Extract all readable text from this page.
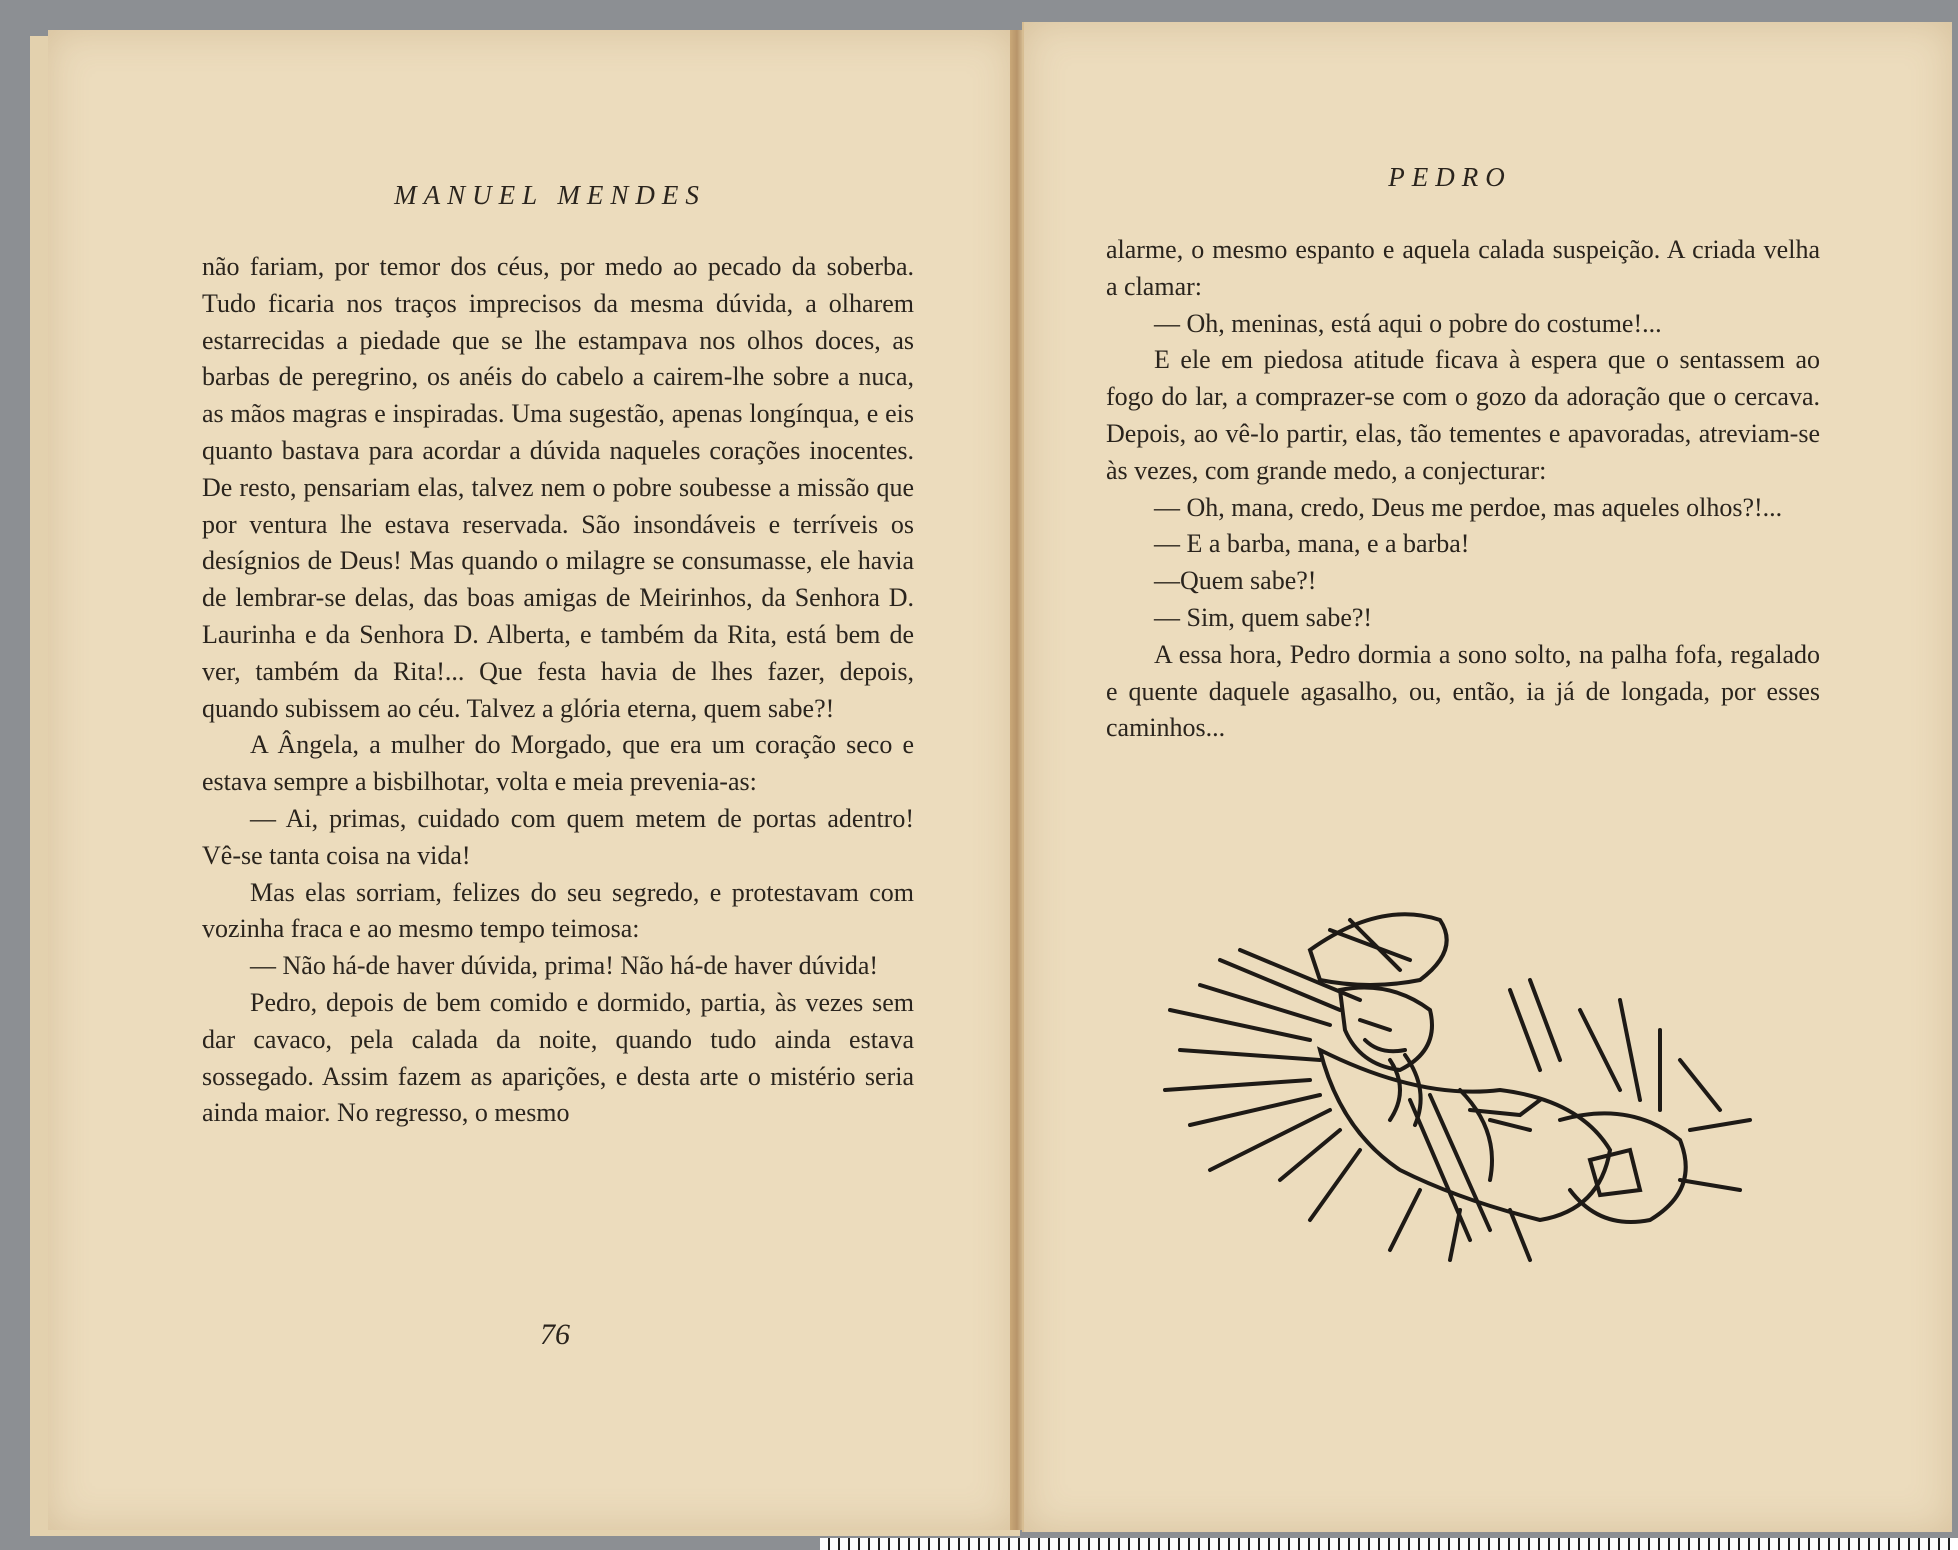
MANUEL MENDES
PEDRO

não fariam, por temor dos céus, por medo ao pecado da soberba. Tudo ficaria nos traços imprecisos da mesma dúvida, a olharem estarrecidas a piedade que se lhe estampava nos olhos doces, as barbas de peregrino, os anéis do cabelo a cairem-lhe sobre a nuca, as mãos magras e inspiradas. Uma sugestão, apenas longínqua, e eis quanto bastava para acordar a dúvida naqueles corações inocentes. De resto, pensariam elas, talvez nem o pobre soubesse a missão que por ventura lhe estava reservada. São insondáveis e terríveis os desígnios de Deus! Mas quando o milagre se consumasse, ele havia de lembrar-se delas, das boas amigas de Meirinhos, da Senhora D. Laurinha e da Senhora D. Alberta, e também da Rita, está bem de ver, também da Rita!... Que festa havia de lhes fazer, depois, quando subissem ao céu. Talvez a glória eterna, quem sabe?!

A Ângela, a mulher do Morgado, que era um coração seco e estava sempre a bisbilhotar, volta e meia prevenia-as:

— Ai, primas, cuidado com quem metem de portas adentro! Vê-se tanta coisa na vida!

Mas elas sorriam, felizes do seu segredo, e protestavam com vozinha fraca e ao mesmo tempo teimosa:

— Não há-de haver dúvida, prima! Não há-de haver dúvida!

Pedro, depois de bem comido e dormido, partia, às vezes sem dar cavaco, pela calada da noite, quando tudo ainda estava sossegado. Assim fazem as aparições, e desta arte o mistério seria ainda maior. No regresso, o mesmo

alarme, o mesmo espanto e aquela calada suspeição. A criada velha a clamar:

— Oh, meninas, está aqui o pobre do costume!...

E ele em piedosa atitude ficava à espera que o sentassem ao fogo do lar, a comprazer-se com o gozo da adoração que o cercava. Depois, ao vê-lo partir, elas, tão tementes e apavoradas, atreviam-se às vezes, com grande medo, a conjecturar:

— Oh, mana, credo, Deus me perdoe, mas aqueles olhos?!...

— E a barba, mana, e a barba!

—Quem sabe?!

— Sim, quem sabe?!

A essa hora, Pedro dormia a sono solto, na palha fofa, regalado e quente daquele agasalho, ou, então, ia já de longada, por esses caminhos...

76
